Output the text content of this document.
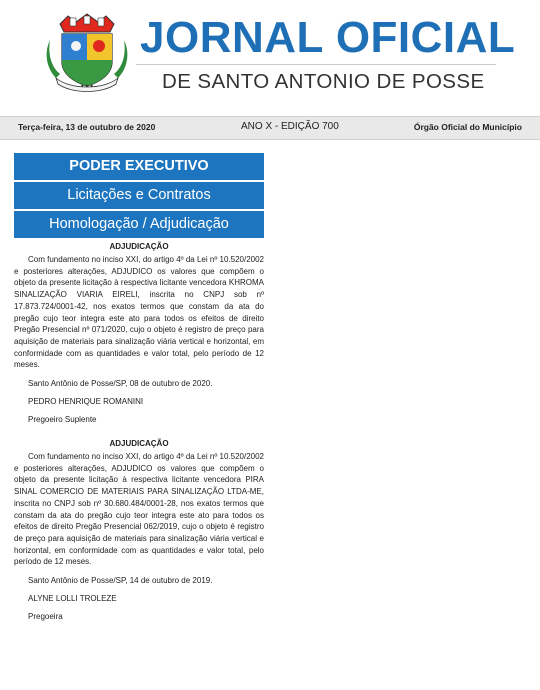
★ ★ ★
JORNAL OFICIAL
DE SANTO ANTONIO DE POSSE
Terça-feira, 13 de outubro de 2020	ANO X - EDIÇÃO 700	Órgão Oficial do Município
PODER EXECUTIVO
Licitações e Contratos
Homologação / Adjudicação
ADJUDICAÇÃO

Com fundamento no inciso XXI, do artigo 4º da Lei nº 10.520/2002 e posteriores alterações, ADJUDICO os valores que compõem o objeto da presente licitação à respectiva licitante vencedora KHROMA SINALIZAÇÃO VIARIA EIRELI, inscrita no CNPJ sob nº 17.873.724/0001-42, nos exatos termos que constam da ata do pregão cujo teor integra este ato para todos os efeitos de direito Pregão Presencial nº 071/2020, cujo o objeto é registro de preço para aquisição de materiais para sinalização viária vertical e horizontal, em conformidade com as quantidades e valor total, pelo período de 12 meses.

Santo Antônio de Posse/SP, 08 de outubro de 2020.

PEDRO HENRIQUE ROMANINI

Pregoeiro Suplente

ADJUDICAÇÃO

Com fundamento no inciso XXI, do artigo 4º da Lei nº 10.520/2002 e posteriores alterações, ADJUDICO os valores que compõem o objeto da presente licitação à respectiva licitante vencedora PIRA SINAL COMERCIO DE MATERIAIS PARA SINALIZAÇÃO LTDA-ME, inscrita no CNPJ sob nº 30.680.484/0001-28, nos exatos termos que constam da ata do pregão cujo teor integra este ato para todos os efeitos de direito Pregão Presencial 062/2019, cujo o objeto é registro de preço para aquisição de materiais para sinalização viária vertical e horizontal, em conformidade com as quantidades e valor total, pelo período de 12 meses.

Santo Antônio de Posse/SP, 14 de outubro de 2019.

ALYNE LOLLI TROLEZE

Pregoeira
